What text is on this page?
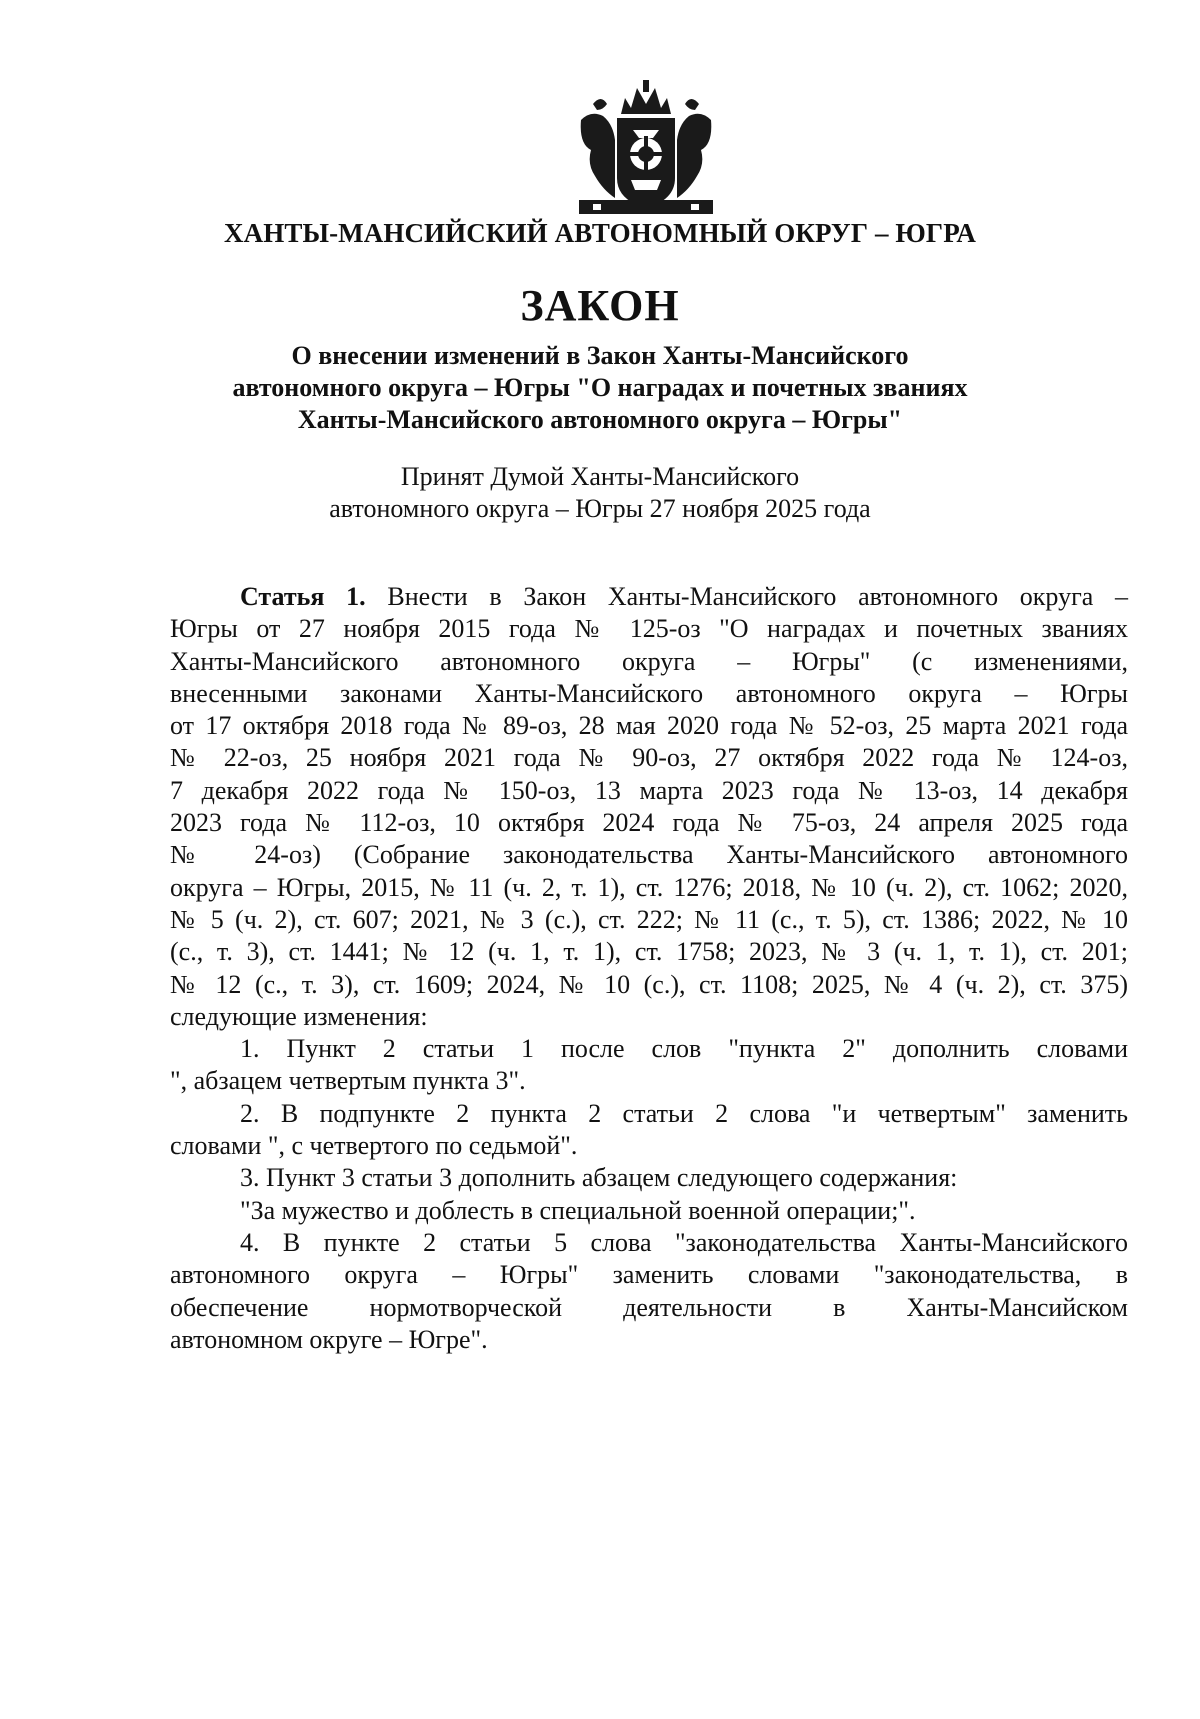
ХАНТЫ-МАНСИЙСКИЙ АВТОНОМНЫЙ ОКРУГ – ЮГРА
ЗАКОН
О внесении изменений в Закон Ханты-Мансийского
автономного округа – Югры "О наградах и почетных званиях
Ханты-Мансийского автономного округа – Югры"
Принят Думой Ханты-Мансийского
автономного округа – Югры 27 ноября 2025 года
Статья 1. Внести в Закон Ханты-Мансийского автономного округа –
Югры от 27 ноября 2015 года № 125-оз "О наградах и почетных званиях
Ханты-Мансийского автономного округа – Югры" (с изменениями,
внесенными законами Ханты-Мансийского автономного округа – Югры
от 17 октября 2018 года № 89-оз, 28 мая 2020 года № 52-оз, 25 марта 2021 года
№ 22-оз, 25 ноября 2021 года № 90-оз, 27 октября 2022 года № 124-оз,
7 декабря 2022 года № 150-оз, 13 марта 2023 года № 13-оз, 14 декабря
2023 года № 112-оз, 10 октября 2024 года № 75-оз, 24 апреля 2025 года
№ 24-оз) (Собрание законодательства Ханты-Мансийского автономного
округа – Югры, 2015, № 11 (ч. 2, т. 1), ст. 1276; 2018, № 10 (ч. 2), ст. 1062; 2020,
№ 5 (ч. 2), ст. 607; 2021, № 3 (с.), ст. 222; № 11 (с., т. 5), ст. 1386; 2022, № 10
(с., т. 3), ст. 1441; № 12 (ч. 1, т. 1), ст. 1758; 2023, № 3 (ч. 1, т. 1), ст. 201;
№ 12 (с., т. 3), ст. 1609; 2024, № 10 (с.), ст. 1108; 2025, № 4 (ч. 2), ст. 375)
следующие изменения:
1. Пункт 2 статьи 1 после слов "пункта 2" дополнить словами
", абзацем четвертым пункта 3".
2. В подпункте 2 пункта 2 статьи 2 слова "и четвертым" заменить
словами ", с четвертого по седьмой".
3. Пункт 3 статьи 3 дополнить абзацем следующего содержания:
"За мужество и доблесть в специальной военной операции;".
4. В пункте 2 статьи 5 слова "законодательства Ханты-Мансийского
автономного округа – Югры" заменить словами "законодательства, в
обеспечение нормотворческой деятельности в Ханты-Мансийском
автономном округе – Югре".
